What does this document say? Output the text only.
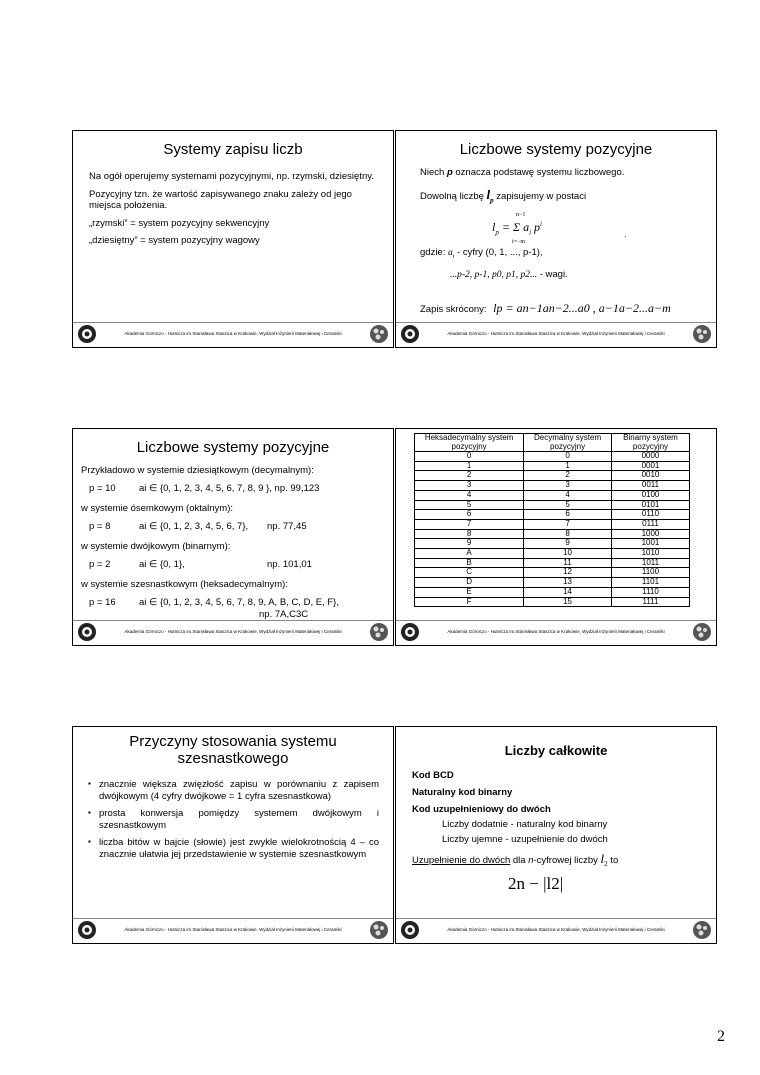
Systemy zapisu liczb

Na ogół operujemy systemami pozycyjnymi, np. rzymski, dziesiętny.

Pozycyjny tzn. że wartość zapisywanego znaku zależy od jego miejsca położenia.

„rzymski” = system pozycyjny sekwencyjny

„dziesiętny” = system pozycyjny wagowy

Akademia Górniczo - Hutnicza im.Stanisława Staszica w Krakowie, Wydział Inżynierii Materiałowej i Ceramiki
Liczbowe systemy pozycyjne

Niech p oznacza podstawę systemu liczbowego.

Dowolną liczbę $l_p$ zapisujemy w postaci

n−1
$l_p = \Sigma$ $a_i$ $p^i$
i=−m
.

gdzie: $a_i$ - cyfry (0, 1, ..., p-1),

...p-2, p-1, p0, p1, p2... - wagi.

Zapis skrócony: lp = an−1an−2...a0 , a−1a−2...a−m

Akademia Górniczo - Hutnicza im.Stanisława Staszica w Krakowie, Wydział Inżynierii Materiałowej i Ceramiki
Liczbowe systemy pozycyjne

Przykładowo w systemie dziesiątkowym (decymalnym):

p = 10	ai ∈ {0, 1, 2, 3, 4, 5, 6, 7, 8, 9 }, np. 99,123

w systemie ósemkowym (oktalnym):

p = 8	ai ∈ {0, 1, 2, 3, 4, 5, 6, 7},	np. 77,45

w systemie dwójkowym (binarnym):

p = 2	ai ∈ {0, 1},	np. 101,01

w systemie szesnastkowym (heksadecymalnym):

p = 16	ai ∈ {0, 1, 2, 3, 4, 5, 6, 7, 8, 9, A, B, C, D, E, F},
np. 7A,C3C
Akademia Górniczo - Hutnicza im.Stanisława Staszica w Krakowie, Wydział Inżynierii Materiałowej i Ceramiki
Heksadecymalny system pozycyjny	Decymalny system pozycyjny	Binarny system pozycyjny
0	0	0000
1	1	0001
2	2	0010
3	3	0011
4	4	0100
5	5	0101
6	6	0110
7	7	0111
8	8	1000
9	9	1001
A	10	1010
B	11	1011
C	12	1100
D	13	1101
E	14	1110
F	15	1111
Akademia Górniczo - Hutnicza im.Stanisława Staszica w Krakowie, Wydział Inżynierii Materiałowej i Ceramiki
Przyczyny stosowania systemu szesnastkowego
▪ znacznie większa zwięzłość zapisu w porównaniu z zapisem dwójkowym (4 cyfry dwójkowe = 1 cyfra szesnastkowa)
▪ prosta konwersja pomiędzy systemem dwójkowym i szesnastkowym
▪ liczba bitów w bajcie (słowie) jest zwykle wielokrotnością 4 – co znacznie ułatwia jej przedstawienie w systemie szesnastkowym
Akademia Górniczo - Hutnicza im.Stanisława Staszica w Krakowie, Wydział Inżynierii Materiałowej i Ceramiki
Liczby całkowite

Kod BCD

Naturalny kod binarny

Kod uzupełnieniowy do dwóch

Liczby dodatnie - naturalny kod binarny

Liczby ujemne - uzupełnienie do dwóch

Uzupełnienie do dwóch dla n-cyfrowej liczby $l_2$ to

2n − |l2|
Akademia Górniczo - Hutnicza im.Stanisława Staszica w Krakowie, Wydział Inżynierii Materiałowej i Ceramiki
2
